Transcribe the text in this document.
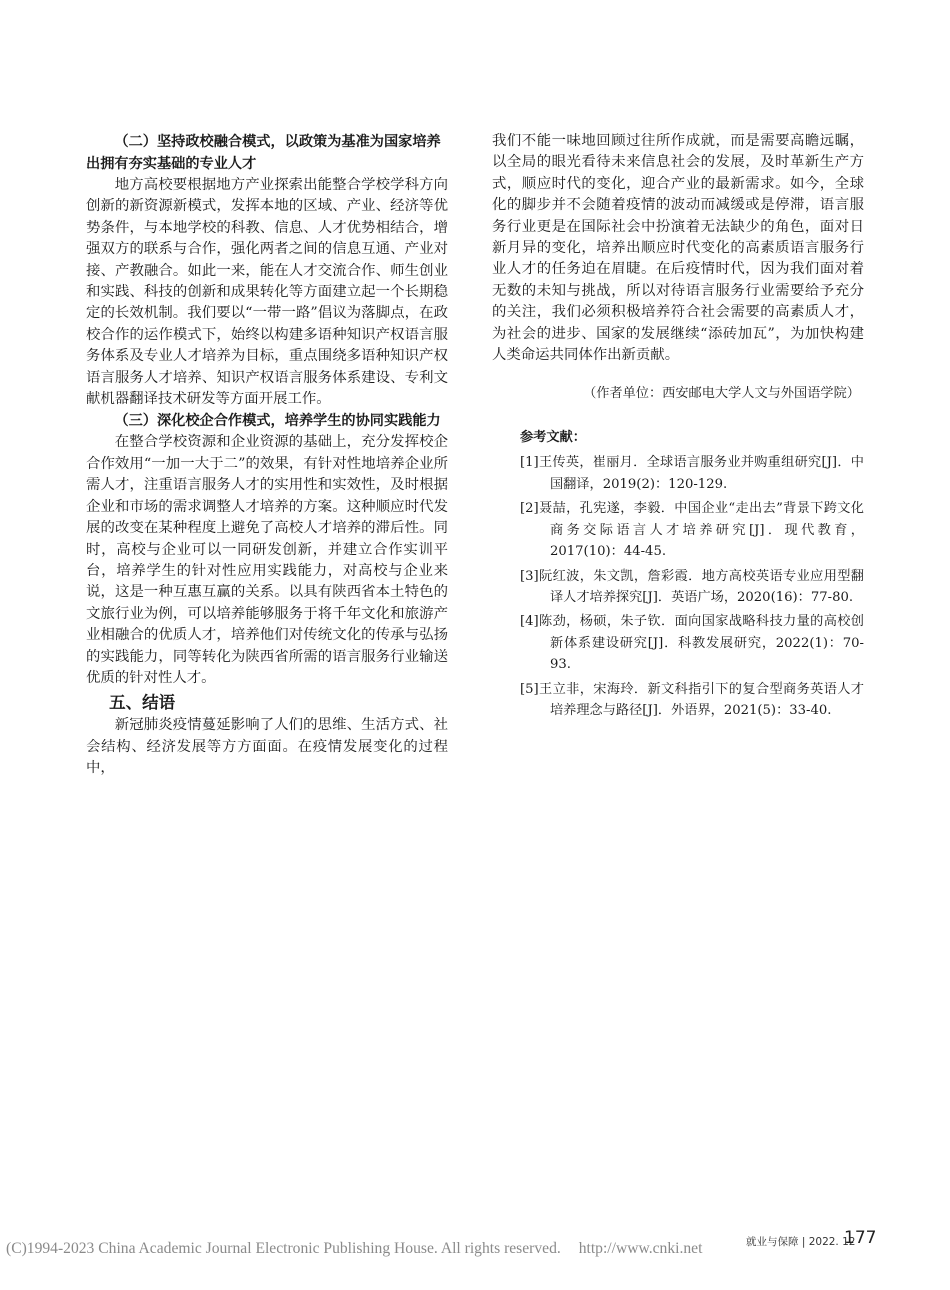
（二）坚持政校融合模式，以政策为基准为国家培养出拥有夯实基础的专业人才

地方高校要根据地方产业探索出能整合学校学科方向创新的新资源新模式，发挥本地的区域、产业、经济等优势条件，与本地学校的科教、信息、人才优势相结合，增强双方的联系与合作，强化两者之间的信息互通、产业对接、产教融合。如此一来，能在人才交流合作、师生创业和实践、科技的创新和成果转化等方面建立起一个长期稳定的长效机制。我们要以“一带一路”倡议为落脚点，在政校合作的运作模式下，始终以构建多语种知识产权语言服务体系及专业人才培养为目标，重点围绕多语种知识产权语言服务人才培养、知识产权语言服务体系建设、专利文献机器翻译技术研发等方面开展工作。

（三）深化校企合作模式，培养学生的协同实践能力

在整合学校资源和企业资源的基础上，充分发挥校企合作效用“一加一大于二”的效果，有针对性地培养企业所需人才，注重语言服务人才的实用性和实效性，及时根据企业和市场的需求调整人才培养的方案。这种顺应时代发展的改变在某种程度上避免了高校人才培养的滞后性。同时，高校与企业可以一同研发创新，并建立合作实训平台，培养学生的针对性应用实践能力，对高校与企业来说，这是一种互惠互赢的关系。以具有陕西省本土特色的文旅行业为例，可以培养能够服务于将千年文化和旅游产业相融合的优质人才，培养他们对传统文化的传承与弘扬的实践能力，同等转化为陕西省所需的语言服务行业输送优质的针对性人才。

五、结语

新冠肺炎疫情蔓延影响了人们的思维、生活方式、社会结构、经济发展等方方面面。在疫情发展变化的过程中，

我们不能一味地回顾过往所作成就，而是需要高瞻远瞩，以全局的眼光看待未来信息社会的发展，及时革新生产方式，顺应时代的变化，迎合产业的最新需求。如今，全球化的脚步并不会随着疫情的波动而减缓或是停滞，语言服务行业更是在国际社会中扮演着无法缺少的角色，面对日新月异的变化，培养出顺应时代变化的高素质语言服务行业人才的任务迫在眉睫。在后疫情时代，因为我们面对着无数的未知与挑战，所以对待语言服务行业需要给予充分的关注，我们必须积极培养符合社会需要的高素质人才，为社会的进步、国家的发展继续“添砖加瓦”，为加快构建人类命运共同体作出新贡献。

（作者单位：西安邮电大学人文与外国语学院）

参考文献：

[1]王传英，崔丽月．全球语言服务业并购重组研究[J]．中国翻译，2019(2)：120-129.

[2]聂喆，孔宪遂，李毅．中国企业“走出去”背景下跨文化商务交际语言人才培养研究[J]．现代教育，2017(10)：44-45.

[3]阮红波，朱文凯，詹彩霞．地方高校英语专业应用型翻译人才培养探究[J]．英语广场，2020(16)：77-80.

[4]陈劲，杨硕，朱子钦．面向国家战略科技力量的高校创新体系建设研究[J]．科教发展研究，2022(1)：70-93.

[5]王立非，宋海玲．新文科指引下的复合型商务英语人才培养理念与路径[J]．外语界，2021(5)：33-40.

就业与保障 | 2022. 12
177
(C)1994-2023 China Academic Journal Electronic Publishing House. All rights reserved. http://www.cnki.net
